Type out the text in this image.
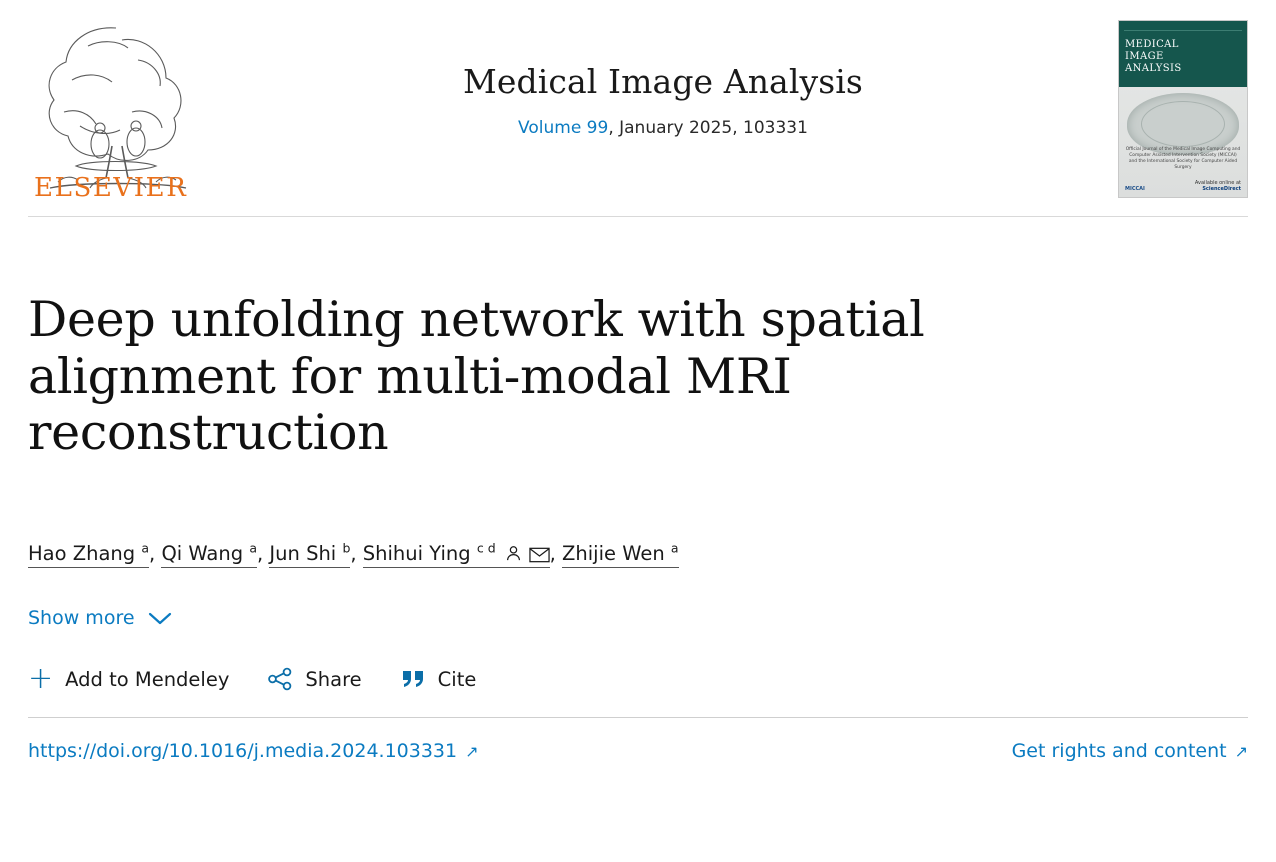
ELSEVIER
Medical Image Analysis
Volume 99, January 2025, 103331
MEDICAL
IMAGE
ANALYSIS
Official Journal of the Medical Image Computing and Computer Assisted Intervention Society (MICCAI) and the International Society for Computer Aided Surgery
MICCAI
Available online at
ScienceDirect
Deep unfolding network with spatial alignment for multi-modal MRI reconstruction
Hao Zhang $^a$, Qi Wang $^a$, Jun Shi $^b$, Shihui Ying $^{c d}$	, Zhijie Wen $^a$
Show more
+ Add to Mendeley	Share	Cite
https://doi.org/10.1016/j.media.2024.103331 ↗	Get rights and content ↗
